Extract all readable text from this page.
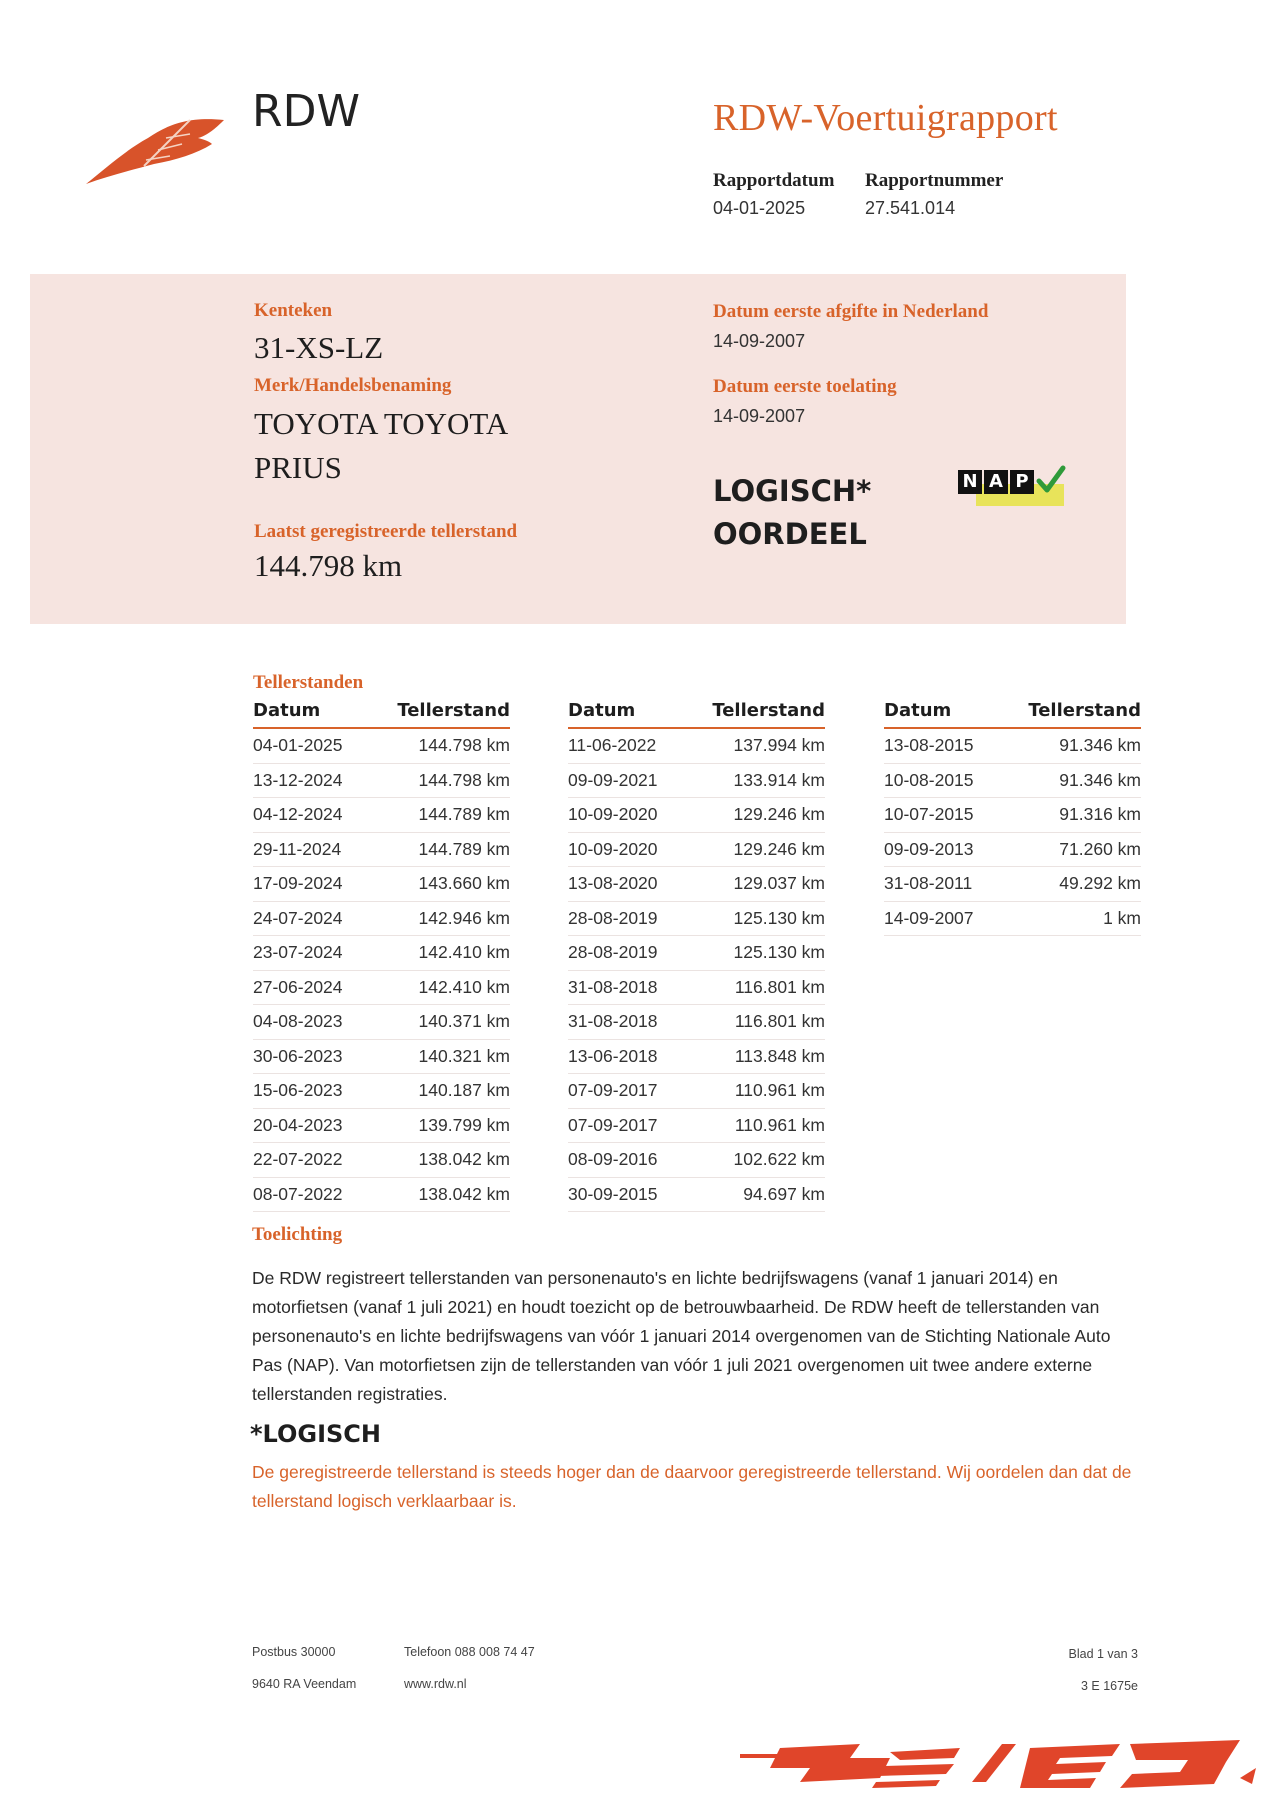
RDW	RDW-Voertuigrapport
Rapportdatum
04-01-2025
Rapportnummer
27.541.014
Kenteken
31-XS-LZ
Merk/Handelsbenaming
TOYOTA TOYOTA
PRIUS
Laatst geregistreerde tellerstand
144.798 km
Datum eerste afgifte in Nederland
14-09-2007
Datum eerste toelating
14-09-2007
LOGISCH*
OORDEEL
N A P
Tellerstanden
Datum	Tellerstand
04-01-2025	144.798 km
13-12-2024	144.798 km
04-12-2024	144.789 km
29-11-2024	144.789 km
17-09-2024	143.660 km
24-07-2024	142.946 km
23-07-2024	142.410 km
27-06-2024	142.410 km
04-08-2023	140.371 km
30-06-2023	140.321 km
15-06-2023	140.187 km
20-04-2023	139.799 km
22-07-2022	138.042 km
08-07-2022	138.042 km
Datum	Tellerstand
11-06-2022	137.994 km
09-09-2021	133.914 km
10-09-2020	129.246 km
10-09-2020	129.246 km
13-08-2020	129.037 km
28-08-2019	125.130 km
28-08-2019	125.130 km
31-08-2018	116.801 km
31-08-2018	116.801 km
13-06-2018	113.848 km
07-09-2017	110.961 km
07-09-2017	110.961 km
08-09-2016	102.622 km
30-09-2015	94.697 km
Datum	Tellerstand
13-08-2015	91.346 km
10-08-2015	91.346 km
10-07-2015	91.316 km
09-09-2013	71.260 km
31-08-2011	49.292 km
14-09-2007	1 km
Toelichting
De RDW registreert tellerstanden van personenauto's en lichte bedrijfswagens (vanaf 1 januari 2014) en motorfietsen (vanaf 1 juli 2021) en houdt toezicht op de betrouwbaarheid. De RDW heeft de tellerstanden van personenauto's en lichte bedrijfswagens van vóór 1 januari 2014 overgenomen van de Stichting Nationale Auto Pas (NAP). Van motorfietsen zijn de tellerstanden van vóór 1 juli 2021 overgenomen uit twee andere externe tellerstanden registraties.
*LOGISCH
De geregistreerde tellerstand is steeds hoger dan de daarvoor geregistreerde tellerstand. Wij oordelen dan dat de tellerstand logisch verklaarbaar is.
Postbus 30000
9640 RA Veendam
Telefoon 088 008 74 47
www.rdw.nl
Blad 1 van 3
3 E 1675e
